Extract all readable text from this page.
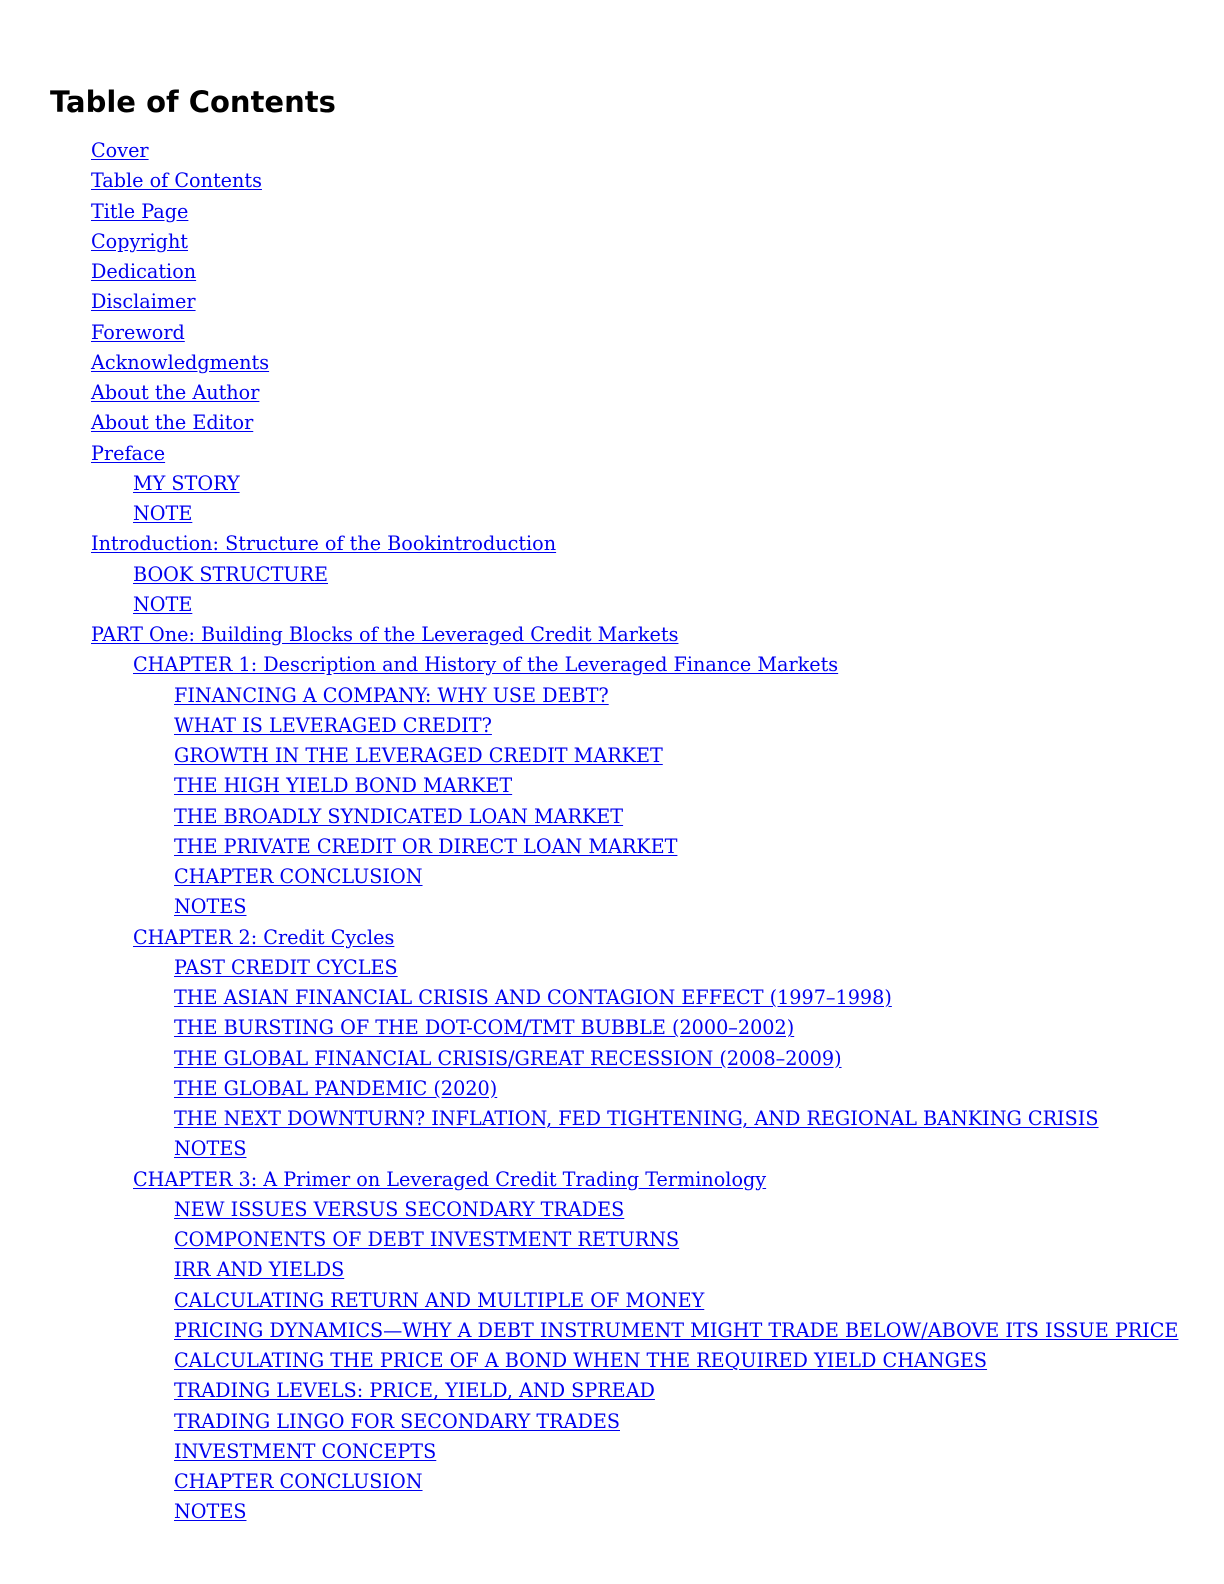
Table of Contents
Cover
Table of Contents
Title Page
Copyright
Dedication
Disclaimer
Foreword
Acknowledgments
About the Author
About the Editor
Preface
MY STORY
NOTE
Introduction: Structure of the Bookintroduction
BOOK STRUCTURE
NOTE
PART One: Building Blocks of the Leveraged Credit Markets
CHAPTER 1: Description and History of the Leveraged Finance Markets
FINANCING A COMPANY: WHY USE DEBT?
WHAT IS LEVERAGED CREDIT?
GROWTH IN THE LEVERAGED CREDIT MARKET
THE HIGH YIELD BOND MARKET
THE BROADLY SYNDICATED LOAN MARKET
THE PRIVATE CREDIT OR DIRECT LOAN MARKET
CHAPTER CONCLUSION
NOTES
CHAPTER 2: Credit Cycles
PAST CREDIT CYCLES
THE ASIAN FINANCIAL CRISIS AND CONTAGION EFFECT (1997–1998)
THE BURSTING OF THE DOT-COM/TMT BUBBLE (2000–2002)
THE GLOBAL FINANCIAL CRISIS/GREAT RECESSION (2008–2009)
THE GLOBAL PANDEMIC (2020)
THE NEXT DOWNTURN? INFLATION, FED TIGHTENING, AND REGIONAL BANKING CRISIS
NOTES
CHAPTER 3: A Primer on Leveraged Credit Trading Terminology
NEW ISSUES VERSUS SECONDARY TRADES
COMPONENTS OF DEBT INVESTMENT RETURNS
IRR AND YIELDS
CALCULATING RETURN AND MULTIPLE OF MONEY
PRICING DYNAMICS—WHY A DEBT INSTRUMENT MIGHT TRADE BELOW/ABOVE ITS ISSUE PRICE
CALCULATING THE PRICE OF A BOND WHEN THE REQUIRED YIELD CHANGES
TRADING LEVELS: PRICE, YIELD, AND SPREAD
TRADING LINGO FOR SECONDARY TRADES
INVESTMENT CONCEPTS
CHAPTER CONCLUSION
NOTES
